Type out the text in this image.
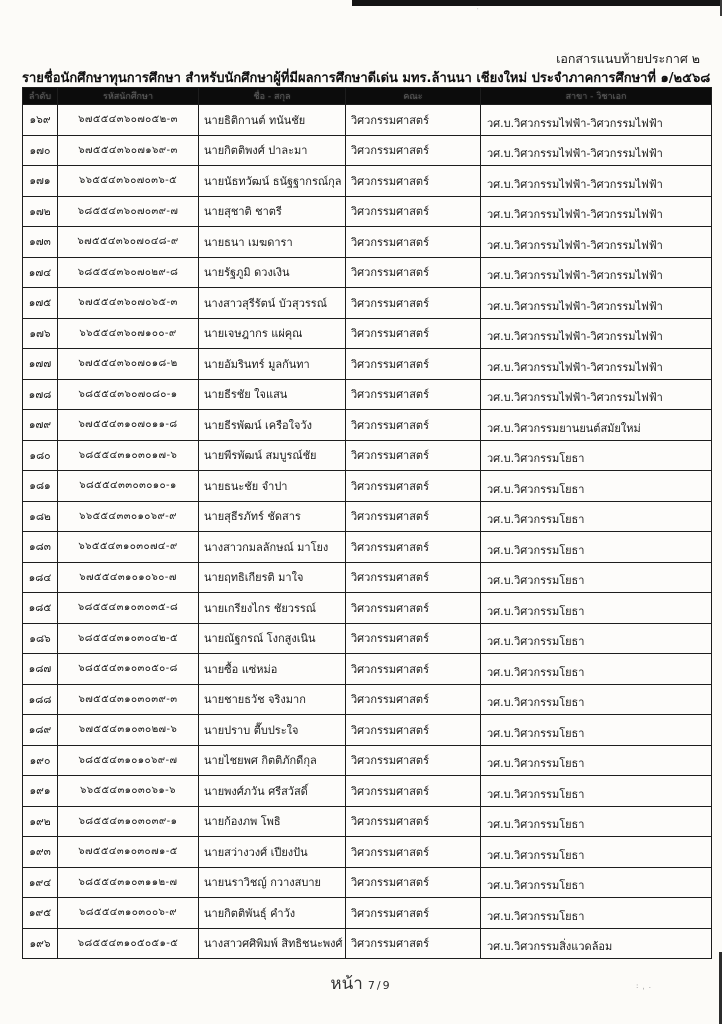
˙
: ͵ .
เอกสารแนบท้ายประกาศ ๒
รายชื่อนักศึกษาทุนการศึกษา สำหรับนักศึกษาผู้ที่มีผลการศึกษาดีเด่น มทร.ล้านนา เชียงใหม่ ประจำภาคการศึกษาที่ ๑/๒๕๖๘
ลำดับ	รหัสนักศึกษา	ชื่อ - สกุล	คณะ	สาขา - วิชาเอก
๑๖๙	๖๗๕๕๔๓๖๐๗๐๕๒-๓	นายธิติกานต์ ทนันชัย	วิศวกรรมศาสตร์	วศ.บ.วิศวกรรมไฟฟ้า-วิศวกรรมไฟฟ้า
๑๗๐	๖๗๕๕๔๓๖๐๗๑๖๙-๓	นายกิตติพงศ์ ปาละมา	วิศวกรรมศาสตร์	วศ.บ.วิศวกรรมไฟฟ้า-วิศวกรรมไฟฟ้า
๑๗๑	๖๖๕๕๔๓๖๐๗๐๓๖-๕	นายนัธทวัฒน์ ธนัฐฐากรณ์กุล	วิศวกรรมศาสตร์	วศ.บ.วิศวกรรมไฟฟ้า-วิศวกรรมไฟฟ้า
๑๗๒	๖๘๕๕๔๓๖๐๗๐๓๙-๗	นายสุชาติ ชาตรี	วิศวกรรมศาสตร์	วศ.บ.วิศวกรรมไฟฟ้า-วิศวกรรมไฟฟ้า
๑๗๓	๖๗๕๕๔๓๖๐๗๐๔๘-๙	นายธนา เมฆดารา	วิศวกรรมศาสตร์	วศ.บ.วิศวกรรมไฟฟ้า-วิศวกรรมไฟฟ้า
๑๗๔	๖๘๕๕๔๓๖๐๗๐๒๙-๘	นายรัฐภูมิ ดวงเงิน	วิศวกรรมศาสตร์	วศ.บ.วิศวกรรมไฟฟ้า-วิศวกรรมไฟฟ้า
๑๗๕	๖๗๕๕๔๓๖๐๗๐๖๕-๓	นางสาวสุรีรัตน์ บัวสุวรรณ์	วิศวกรรมศาสตร์	วศ.บ.วิศวกรรมไฟฟ้า-วิศวกรรมไฟฟ้า
๑๗๖	๖๖๕๕๔๓๖๐๗๑๐๐-๙	นายเจษฎากร แผ่คุณ	วิศวกรรมศาสตร์	วศ.บ.วิศวกรรมไฟฟ้า-วิศวกรรมไฟฟ้า
๑๗๗	๖๗๕๕๔๓๖๐๗๐๑๘-๒	นายอัมรินทร์ มูลกันทา	วิศวกรรมศาสตร์	วศ.บ.วิศวกรรมไฟฟ้า-วิศวกรรมไฟฟ้า
๑๗๘	๖๘๕๕๔๓๖๐๗๐๘๐-๑	นายธีรชัย ใจแสน	วิศวกรรมศาสตร์	วศ.บ.วิศวกรรมไฟฟ้า-วิศวกรรมไฟฟ้า
๑๗๙	๖๗๕๕๔๓๑๐๗๐๑๑-๘	นายธีรพัฒน์ เครือใจวัง	วิศวกรรมศาสตร์	วศ.บ.วิศวกรรมยานยนต์สมัยใหม่
๑๘๐	๖๘๕๕๔๓๑๐๓๐๑๗-๖	นายพีรพัฒน์ สมบูรณ์ชัย	วิศวกรรมศาสตร์	วศ.บ.วิศวกรรมโยธา
๑๘๑	๖๘๕๕๔๓๓๐๓๐๑๐-๑	นายธนะชัย จำปา	วิศวกรรมศาสตร์	วศ.บ.วิศวกรรมโยธา
๑๘๒	๖๖๕๕๔๓๓๐๑๐๖๙-๙	นายสุธีรภัทร์ ชัดสาร	วิศวกรรมศาสตร์	วศ.บ.วิศวกรรมโยธา
๑๘๓	๖๖๕๕๔๓๑๐๓๐๗๔-๙	นางสาวกมลลักษณ์ มาโยง	วิศวกรรมศาสตร์	วศ.บ.วิศวกรรมโยธา
๑๘๔	๖๗๕๕๔๓๑๐๑๐๖๐-๗	นายฤทธิเกียรติ มาใจ	วิศวกรรมศาสตร์	วศ.บ.วิศวกรรมโยธา
๑๘๕	๖๘๕๕๔๓๑๐๓๐๓๕-๘	นายเกรียงไกร ชัยวรรณ์	วิศวกรรมศาสตร์	วศ.บ.วิศวกรรมโยธา
๑๘๖	๖๘๕๕๔๓๑๐๓๐๔๒-๕	นายณัฐกรณ์ โงกสูงเนิน	วิศวกรรมศาสตร์	วศ.บ.วิศวกรรมโยธา
๑๘๗	๖๘๕๕๔๓๑๐๓๐๕๐-๘	นายซื้อ แซ่หม่อ	วิศวกรรมศาสตร์	วศ.บ.วิศวกรรมโยธา
๑๘๘	๖๗๕๕๔๓๑๐๓๐๓๙-๓	นายชายธวัช จริงมาก	วิศวกรรมศาสตร์	วศ.บ.วิศวกรรมโยธา
๑๘๙	๖๗๕๕๔๓๑๐๓๐๒๗-๖	นายปราบ ตื๊บประใจ	วิศวกรรมศาสตร์	วศ.บ.วิศวกรรมโยธา
๑๙๐	๖๘๕๕๔๓๑๐๑๐๖๙-๗	นายไชยพศ กิตติภักดีกุล	วิศวกรรมศาสตร์	วศ.บ.วิศวกรรมโยธา
๑๙๑	๖๖๕๕๔๓๑๐๓๐๖๑-๖	นายพงศ์ภวัน ศรีสวัสดิ์	วิศวกรรมศาสตร์	วศ.บ.วิศวกรรมโยธา
๑๙๒	๖๘๕๕๔๓๑๐๓๐๓๙-๑	นายก้องภพ โพธิ	วิศวกรรมศาสตร์	วศ.บ.วิศวกรรมโยธา
๑๙๓	๖๗๕๕๔๓๑๐๓๐๗๑-๕	นายสว่างวงศ์ เปียงปัน	วิศวกรรมศาสตร์	วศ.บ.วิศวกรรมโยธา
๑๙๔	๖๘๕๕๔๓๑๐๓๑๑๒-๗	นายนราวิชญ์ กวางสบาย	วิศวกรรมศาสตร์	วศ.บ.วิศวกรรมโยธา
๑๙๕	๖๘๕๕๔๓๑๐๓๐๐๖-๙	นายกิตติพันธุ์ คำวัง	วิศวกรรมศาสตร์	วศ.บ.วิศวกรรมโยธา
๑๙๖	๖๘๕๕๔๓๑๐๕๐๕๑-๕	นางสาวศศิพิมพ์ สิทธิชนะพงศ์	วิศวกรรมศาสตร์	วศ.บ.วิศวกรรมสิ่งแวดล้อม
หน้า 7/9
